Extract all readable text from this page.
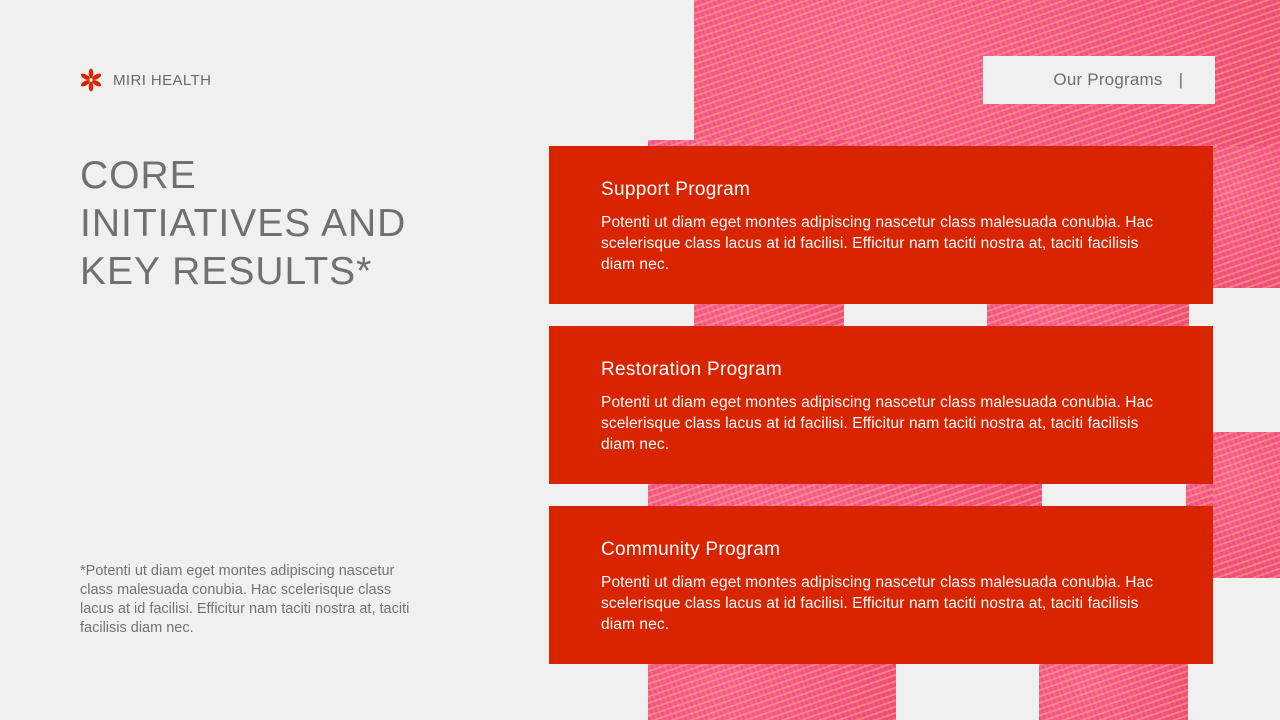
MIRI HEALTH	Our Programs |
CORE
INITIATIVES AND
KEY RESULTS*

*Potenti ut diam eget montes adipiscing nascetur class malesuada conubia. Hac scelerisque class lacus at id facilisi. Efficitur nam taciti nostra at, taciti facilisis diam nec.

Support Program

Potenti ut diam eget montes adipiscing nascetur class malesuada conubia. Hac scelerisque class lacus at id facilisi. Efficitur nam taciti nostra at, taciti facilisis diam nec.

Restoration Program

Potenti ut diam eget montes adipiscing nascetur class malesuada conubia. Hac scelerisque class lacus at id facilisi. Efficitur nam taciti nostra at, taciti facilisis diam nec.

Community Program

Potenti ut diam eget montes adipiscing nascetur class malesuada conubia. Hac scelerisque class lacus at id facilisi. Efficitur nam taciti nostra at, taciti facilisis diam nec.
